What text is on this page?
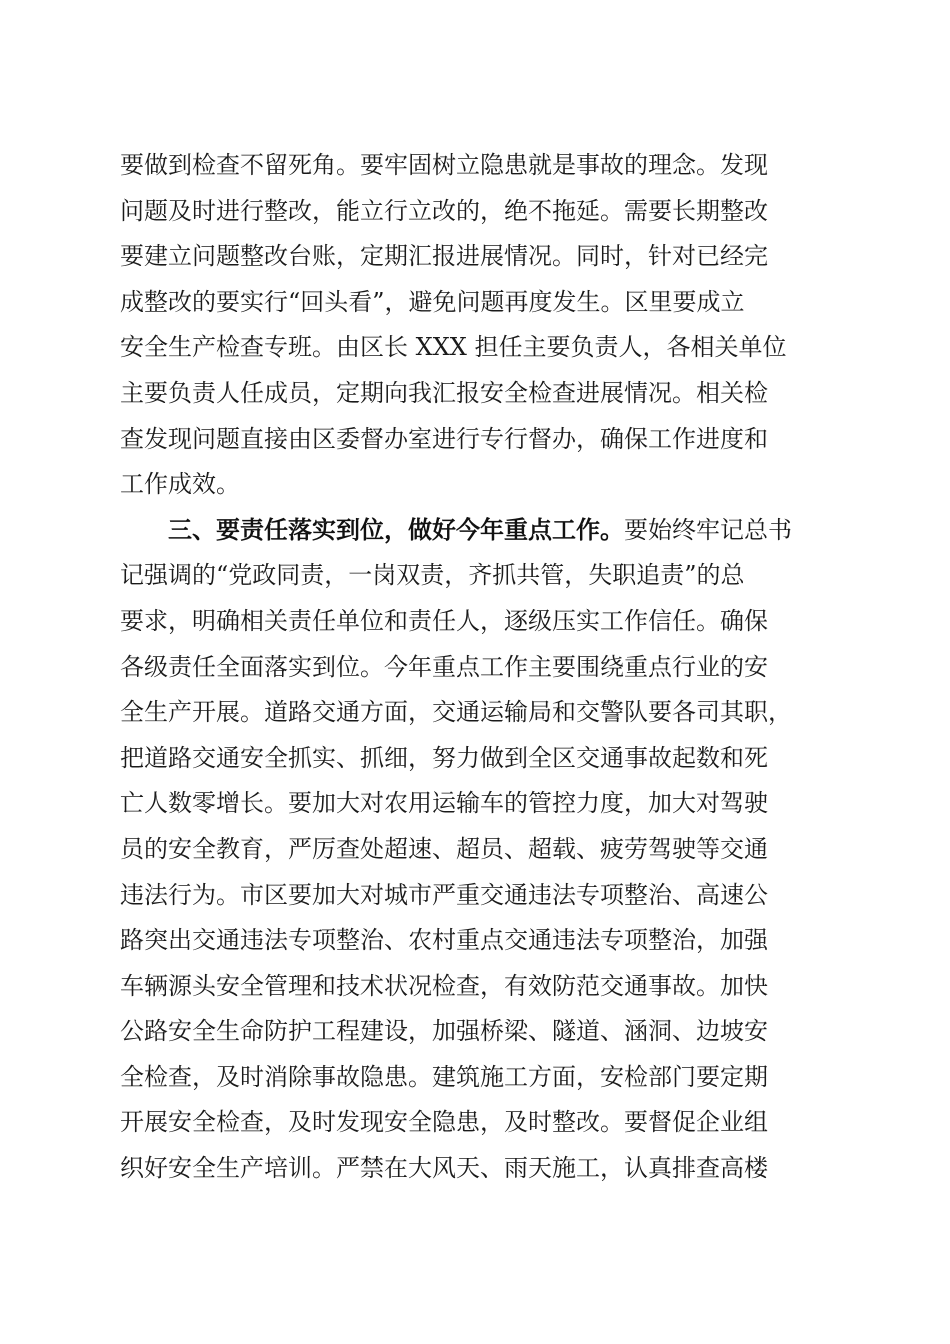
要做到检查不留死角。要牢固树立隐患就是事故的理念。发现
问题及时进行整改，能立行立改的，绝不拖延。需要长期整改
要建立问题整改台账，定期汇报进展情况。同时，针对已经完
成整改的要实行“回头看”，避免问题再度发生。区里要成立
安全生产检查专班。由区长 XXX 担任主要负责人，各相关单位
主要负责人任成员，定期向我汇报安全检查进展情况。相关检
查发现问题直接由区委督办室进行专行督办，确保工作进度和
工作成效。
三、要责任落实到位，做好今年重点工作。要始终牢记总书
记强调的“党政同责，一岗双责，齐抓共管，失职追责”的总
要求，明确相关责任单位和责任人，逐级压实工作信任。确保
各级责任全面落实到位。今年重点工作主要围绕重点行业的安
全生产开展。道路交通方面，交通运输局和交警队要各司其职，
把道路交通安全抓实、抓细，努力做到全区交通事故起数和死
亡人数零增长。要加大对农用运输车的管控力度，加大对驾驶
员的安全教育，严厉查处超速、超员、超载、疲劳驾驶等交通
违法行为。市区要加大对城市严重交通违法专项整治、高速公
路突出交通违法专项整治、农村重点交通违法专项整治，加强
车辆源头安全管理和技术状况检查，有效防范交通事故。加快
公路安全生命防护工程建设，加强桥梁、隧道、涵洞、边坡安
全检查，及时消除事故隐患。建筑施工方面，安检部门要定期
开展安全检查，及时发现安全隐患，及时整改。要督促企业组
织好安全生产培训。严禁在大风天、雨天施工，认真排查高楼
